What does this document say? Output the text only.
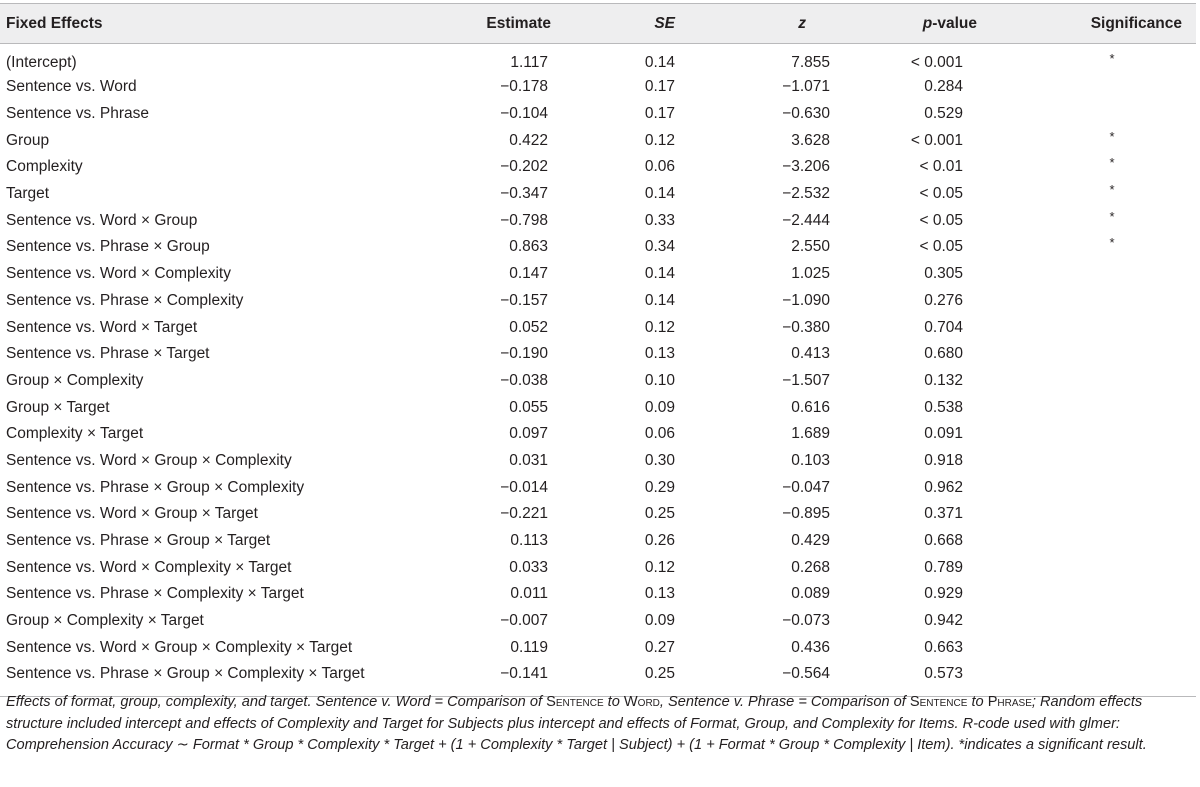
Fixed Effects	Estimate	SE	z	p-value	Significance
(Intercept)	1.117	0.14	7.855	< 0.001	*
Sentence vs. Word	−0.178	0.17	−1.071	0.284	
Sentence vs. Phrase	−0.104	0.17	−0.630	0.529	
Group	0.422	0.12	3.628	< 0.001	*
Complexity	−0.202	0.06	−3.206	< 0.01	*
Target	−0.347	0.14	−2.532	< 0.05	*
Sentence vs. Word × Group	−0.798	0.33	−2.444	< 0.05	*
Sentence vs. Phrase × Group	0.863	0.34	2.550	< 0.05	*
Sentence vs. Word × Complexity	0.147	0.14	1.025	0.305	
Sentence vs. Phrase × Complexity	−0.157	0.14	−1.090	0.276	
Sentence vs. Word × Target	0.052	0.12	−0.380	0.704	
Sentence vs. Phrase × Target	−0.190	0.13	0.413	0.680	
Group × Complexity	−0.038	0.10	−1.507	0.132	
Group × Target	0.055	0.09	0.616	0.538	
Complexity × Target	0.097	0.06	1.689	0.091	
Sentence vs. Word × Group × Complexity	0.031	0.30	0.103	0.918	
Sentence vs. Phrase × Group × Complexity	−0.014	0.29	−0.047	0.962	
Sentence vs. Word × Group × Target	−0.221	0.25	−0.895	0.371	
Sentence vs. Phrase × Group × Target	0.113	0.26	0.429	0.668	
Sentence vs. Word × Complexity × Target	0.033	0.12	0.268	0.789	
Sentence vs. Phrase × Complexity × Target	0.011	0.13	0.089	0.929	
Group × Complexity × Target	−0.007	0.09	−0.073	0.942	
Sentence vs. Word × Group × Complexity × Target	0.119	0.27	0.436	0.663	
Sentence vs. Phrase × Group × Complexity × Target	−0.141	0.25	−0.564	0.573	
Effects of format, group, complexity, and target. Sentence v. Word = Comparison of Sentence to Word, Sentence v. Phrase = Comparison of Sentence to Phrase; Random effects structure included intercept and effects of Complexity and Target for Subjects plus intercept and effects of Format, Group, and Complexity for Items. R-code used with glmer: Comprehension Accuracy ∼ Format * Group * Complexity * Target + (1 + Complexity * Target | Subject) + (1 + Format * Group * Complexity | Item). *indicates a significant result.
